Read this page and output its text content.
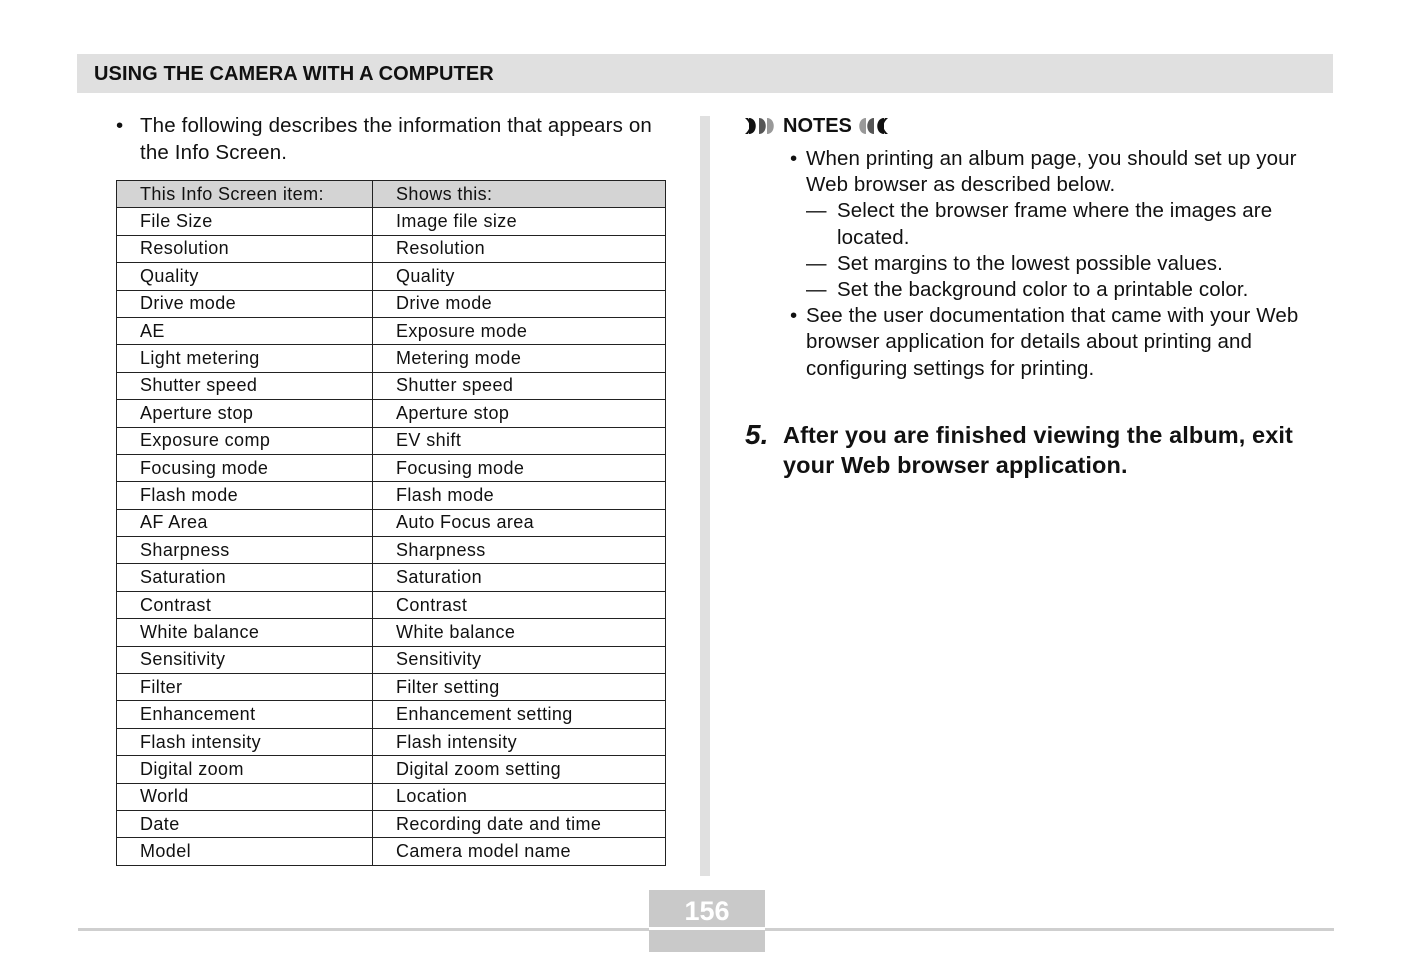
USING THE CAMERA WITH A COMPUTER
• The following describes the information that appears on the Info Screen.
This Info Screen item:	Shows this:
File Size	Image file size
Resolution	Resolution
Quality	Quality
Drive mode	Drive mode
AE	Exposure mode
Light metering	Metering mode
Shutter speed	Shutter speed
Aperture stop	Aperture stop
Exposure comp	EV shift
Focusing mode	Focusing mode
Flash mode	Flash mode
AF Area	Auto Focus area
Sharpness	Sharpness
Saturation	Saturation
Contrast	Contrast
White balance	White balance
Sensitivity	Sensitivity
Filter	Filter setting
Enhancement	Enhancement setting
Flash intensity	Flash intensity
Digital zoom	Digital zoom setting
World	Location
Date	Recording date and time
Model	Camera model name
NOTES
• When printing an album page, you should set up your Web browser as described below.
— Select the browser frame where the images are located.
— Set margins to the lowest possible values.
— Set the background color to a printable color.
• See the user documentation that came with your Web browser application for details about printing and configuring settings for printing.
5. After you are finished viewing the album, exit your Web browser application.
156
